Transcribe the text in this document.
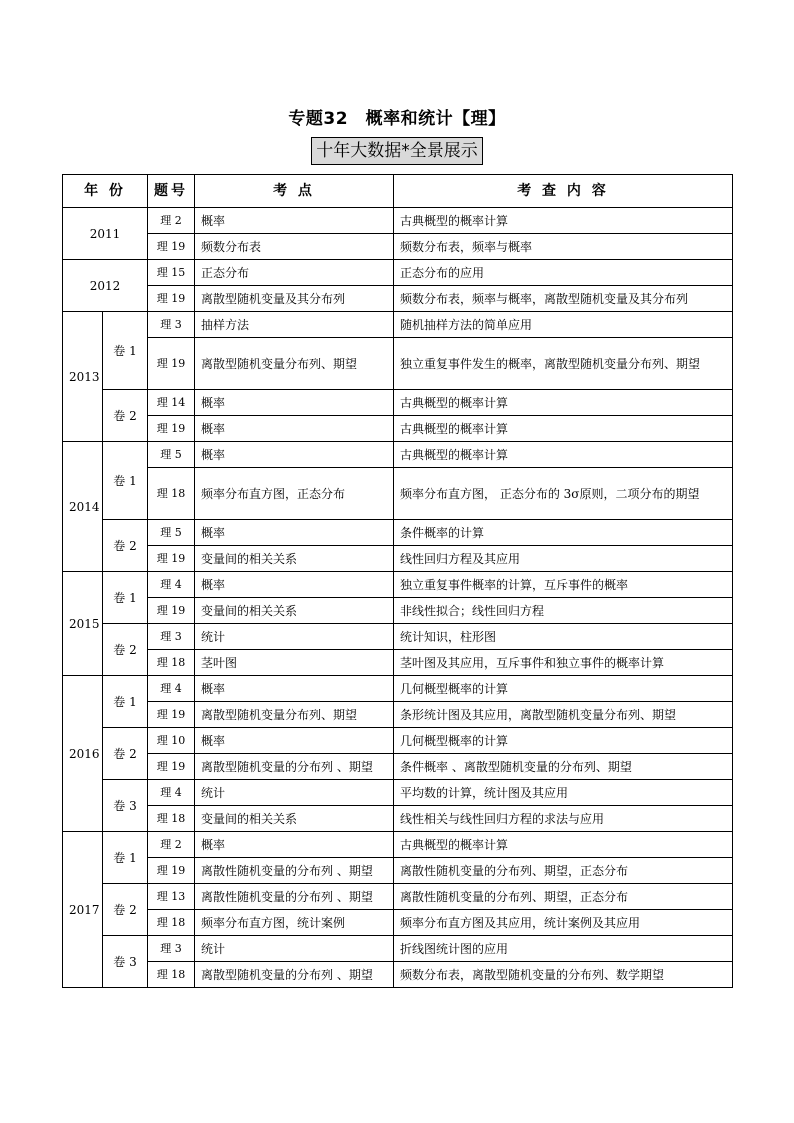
专题32　概率和统计【理】
十年大数据*全景展示
年 份		题号	考 点	考 查 内 容
2011		理 2	概率	古典概型的概率计算
		理 19	频数分布表	频数分布表，频率与概率
2012		理 15	正态分布	正态分布的应用
		理 19	离散型随机变量及其分布列	频数分布表，频率与概率，离散型随机变量及其分布列
2013	卷 1	理 3	抽样方法	随机抽样方法的简单应用
		理 19	离散型随机变量分布列、期望	独立重复事件发生的概率，离散型随机变量分布列、期望
	卷 2	理 14	概率	古典概型的概率计算
		理 19	概率	古典概型的概率计算
2014	卷 1	理 5	概率	古典概型的概率计算
		理 18	频率分布直方图，正态分布	频率分布直方图， 正态分布的 3σ原则，二项分布的期望
	卷 2	理 5	概率	条件概率的计算
		理 19	变量间的相关关系	线性回归方程及其应用
2015	卷 1	理 4	概率	独立重复事件概率的计算，互斥事件的概率
		理 19	变量间的相关关系	非线性拟合；线性回归方程
	卷 2	理 3	统计	统计知识，柱形图
		理 18	茎叶图	茎叶图及其应用，互斥事件和独立事件的概率计算
2016	卷 1	理 4	概率	几何概型概率的计算
		理 19	离散型随机变量分布列、期望	条形统计图及其应用，离散型随机变量分布列、期望
	卷 2	理 10	概率	几何概型概率的计算
		理 19	离散型随机变量的分布列 、期望	条件概率 、离散型随机变量的分布列、期望
	卷 3	理 4	统计	平均数的计算，统计图及其应用
		理 18	变量间的相关关系	线性相关与线性回归方程的求法与应用
2017	卷 1	理 2	概率	古典概型的概率计算
		理 19	离散性随机变量的分布列 、期望	离散性随机变量的分布列、期望，正态分布
	卷 2	理 13	离散性随机变量的分布列 、期望	离散性随机变量的分布列、期望，正态分布
		理 18	频率分布直方图，统计案例	频率分布直方图及其应用，统计案例及其应用
	卷 3	理 3	统计	折线图统计图的应用
		理 18	离散型随机变量的分布列 、期望	频数分布表，离散型随机变量的分布列、数学期望
